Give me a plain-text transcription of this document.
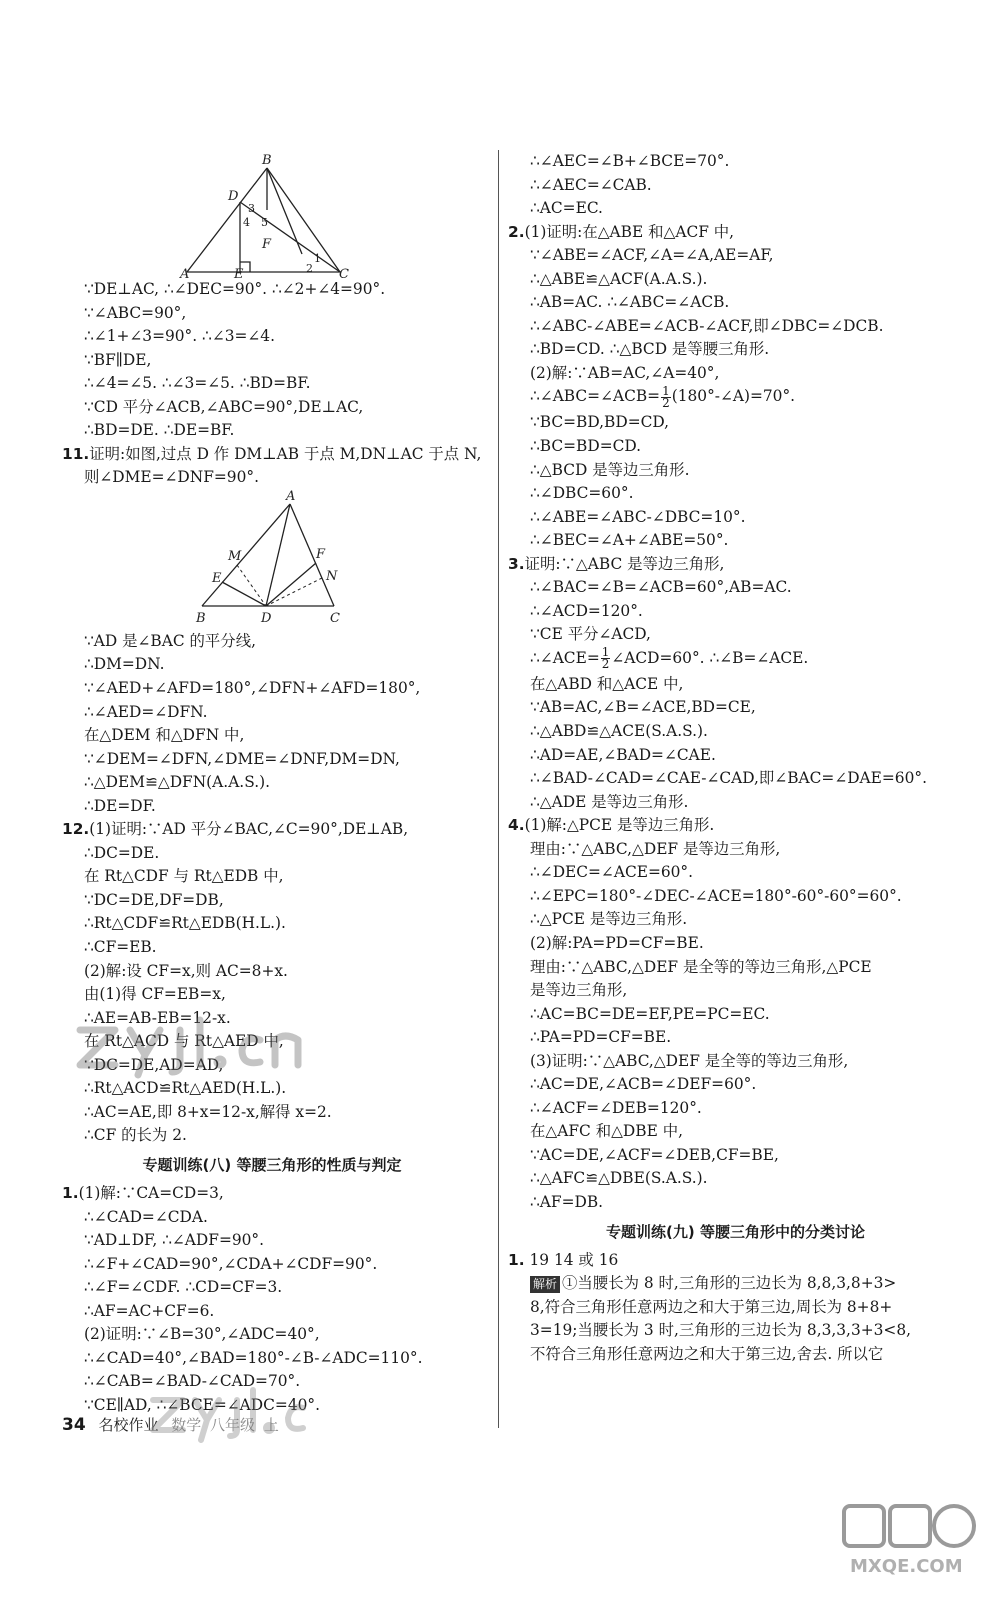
B
D
A	E	C
F
1
2
3
4 5
∵DE⊥AC, ∴∠DEC=90°. ∴∠2+∠4=90°.
∵∠ABC=90°,
∴∠1+∠3=90°. ∴∠3=∠4.
∵BF∥DE,
∴∠4=∠5. ∴∠3=∠5. ∴BD=BF.
∵CD 平分∠ACB,∠ABC=90°,DE⊥AC,
∴BD=DE. ∴DE=BF.
11.证明:如图,过点 D 作 DM⊥AB 于点 M,DN⊥AC 于点 N,
则∠DME=∠DNF=90°.
A
M
E
F
N
B	D	C
∵AD 是∠BAC 的平分线,
∴DM=DN.
∵∠AED+∠AFD=180°,∠DFN+∠AFD=180°,
∴∠AED=∠DFN.
在△DEM 和△DFN 中,
∵∠DEM=∠DFN,∠DME=∠DNF,DM=DN,
∴△DEM≌△DFN(A.A.S.).
∴DE=DF.
12.(1)证明:∵AD 平分∠BAC,∠C=90°,DE⊥AB,
∴DC=DE.
在 Rt△CDF 与 Rt△EDB 中,
∵DC=DE,DF=DB,
∴Rt△CDF≌Rt△EDB(H.L.).
∴CF=EB.
(2)解:设 CF=x,则 AC=8+x.
由(1)得 CF=EB=x,
∴AE=AB-EB=12-x.
在 Rt△ACD 与 Rt△AED 中,
∵DC=DE,AD=AD,
∴Rt△ACD≌Rt△AED(H.L.).
∴AC=AE,即 8+x=12-x,解得 x=2.
∴CF 的长为 2.
专题训练(八) 等腰三角形的性质与判定
1.(1)解:∵CA=CD=3,
∴∠CAD=∠CDA.
∵AD⊥DF, ∴∠ADF=90°.
∴∠F+∠CAD=90°,∠CDA+∠CDF=90°.
∴∠F=∠CDF. ∴CD=CF=3.
∴AF=AC+CF=6.
(2)证明:∵∠B=30°,∠ADC=40°,
∴∠CAD=40°,∠BAD=180°-∠B-∠ADC=110°.
∴∠CAB=∠BAD-∠CAD=70°.
∵CE∥AD, ∴∠BCE=∠ADC=40°.
∴∠AEC=∠B+∠BCE=70°.
∴∠AEC=∠CAB.
∴AC=EC.
2.(1)证明:在△ABE 和△ACF 中,
∵∠ABE=∠ACF,∠A=∠A,AE=AF,
∴△ABE≌△ACF(A.A.S.).
∴AB=AC. ∴∠ABC=∠ACB.
∴∠ABC-∠ABE=∠ACB-∠ACF,即∠DBC=∠DCB.
∴BD=CD. ∴△BCD 是等腰三角形.
(2)解:∵AB=AC,∠A=40°,
∴∠ABC=∠ACB= $\frac{1}{2}$ (180°-∠A)=70°.
∵BC=BD,BD=CD,
∴BC=BD=CD.
∴△BCD 是等边三角形.
∴∠DBC=60°.
∴∠ABE=∠ABC-∠DBC=10°.
∴∠BEC=∠A+∠ABE=50°.
3.证明:∵△ABC 是等边三角形,
∴∠BAC=∠B=∠ACB=60°,AB=AC.
∴∠ACD=120°.
∵CE 平分∠ACD,
∴∠ACE= $\frac{1}{2}$ ∠ACD=60°. ∴∠B=∠ACE.
在△ABD 和△ACE 中,
∵AB=AC,∠B=∠ACE,BD=CE,
∴△ABD≌△ACE(S.A.S.).
∴AD=AE,∠BAD=∠CAE.
∴∠BAD-∠CAD=∠CAE-∠CAD,即∠BAC=∠DAE=60°.
∴△ADE 是等边三角形.
4.(1)解:△PCE 是等边三角形.
理由:∵△ABC,△DEF 是等边三角形,
∴∠DEC=∠ACE=60°.
∴∠EPC=180°-∠DEC-∠ACE=180°-60°-60°=60°.
∴△PCE 是等边三角形.
(2)解:PA=PD=CF=BE.
理由:∵△ABC,△DEF 是全等的等边三角形,△PCE
是等边三角形,
∴AC=BC=DE=EF,PE=PC=EC.
∴PA=PD=CF=BE.
(3)证明:∵△ABC,△DEF 是全等的等边三角形,
∴AC=DE,∠ACB=∠DEF=60°.
∴∠ACF=∠DEB=120°.
在△AFC 和△DBE 中,
∵AC=DE,∠ACF=∠DEB,CF=BE,
∴△AFC≌△DBE(S.A.S.).
∴AF=DB.
专题训练(九) 等腰三角形中的分类讨论
1. 19 14 或 16
解析 ①当腰长为 8 时,三角形的三边长为 8,8,3,8+3>
8,符合三角形任意两边之和大于第三边,周长为 8+8+
3=19;当腰长为 3 时,三角形的三边长为 8,3,3,3+3<8,
不符合三角形任意两边之和大于第三边,舍去. 所以它
34 名校作业 数学 八年级 上
MXQE.COM
